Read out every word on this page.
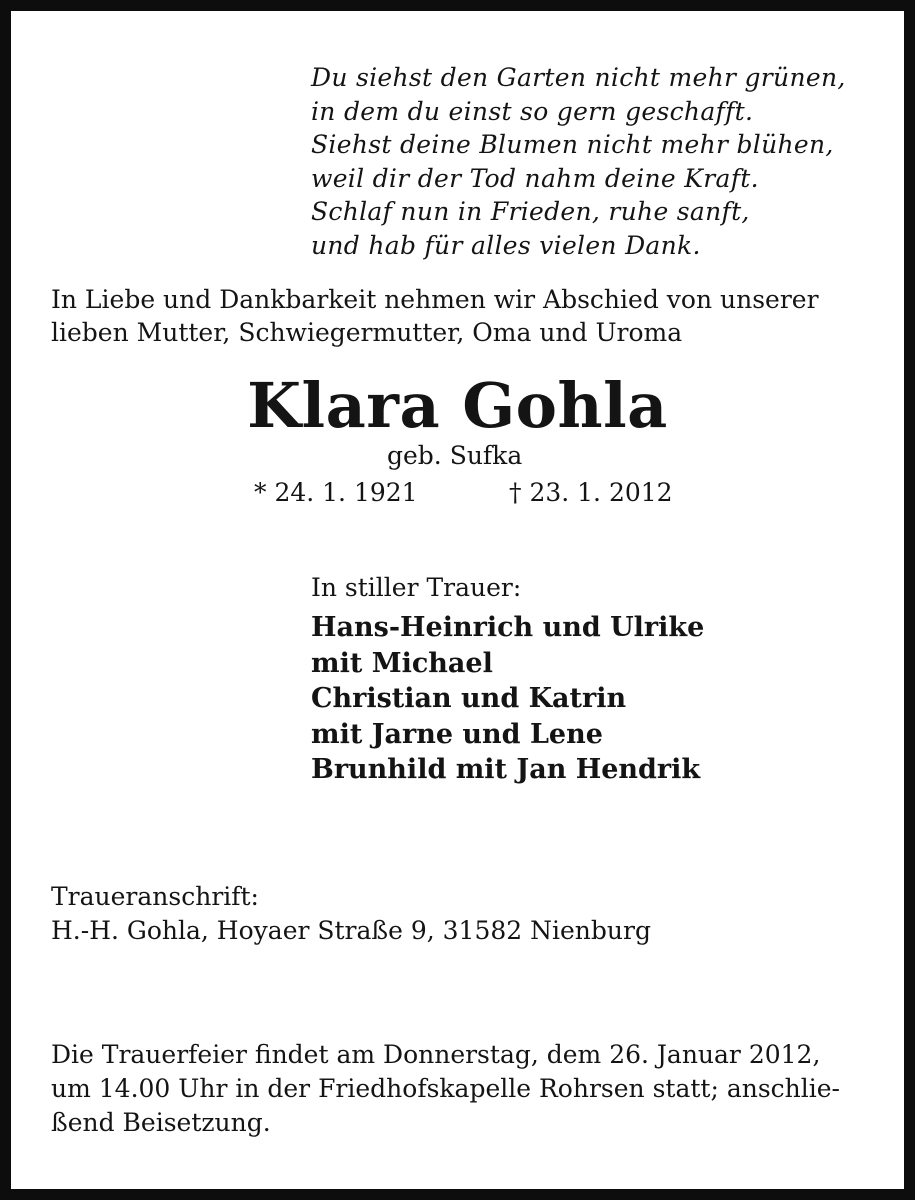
Du siehst den Garten nicht mehr grünen,
in dem du einst so gern geschafft.
Siehst deine Blumen nicht mehr blühen,
weil dir der Tod nahm deine Kraft.
Schlaf nun in Frieden, ruhe sanft,
und hab für alles vielen Dank.
In Liebe und Dankbarkeit nehmen wir Abschied von unserer
lieben Mutter, Schwiegermutter, Oma und Uroma
Klara Gohla
geb. Sufka
* 24. 1. 1921	† 23. 1. 2012
In stiller Trauer:
Hans-Heinrich und Ulrike
mit Michael
Christian und Katrin
mit Jarne und Lene
Brunhild mit Jan Hendrik
Traueranschrift:
H.-H. Gohla, Hoyaer Straße 9, 31582 Nienburg
Die Trauerfeier findet am Donnerstag, dem 26. Januar 2012,
um 14.00 Uhr in der Friedhofskapelle Rohrsen statt; anschlie-
ßend Beisetzung.
